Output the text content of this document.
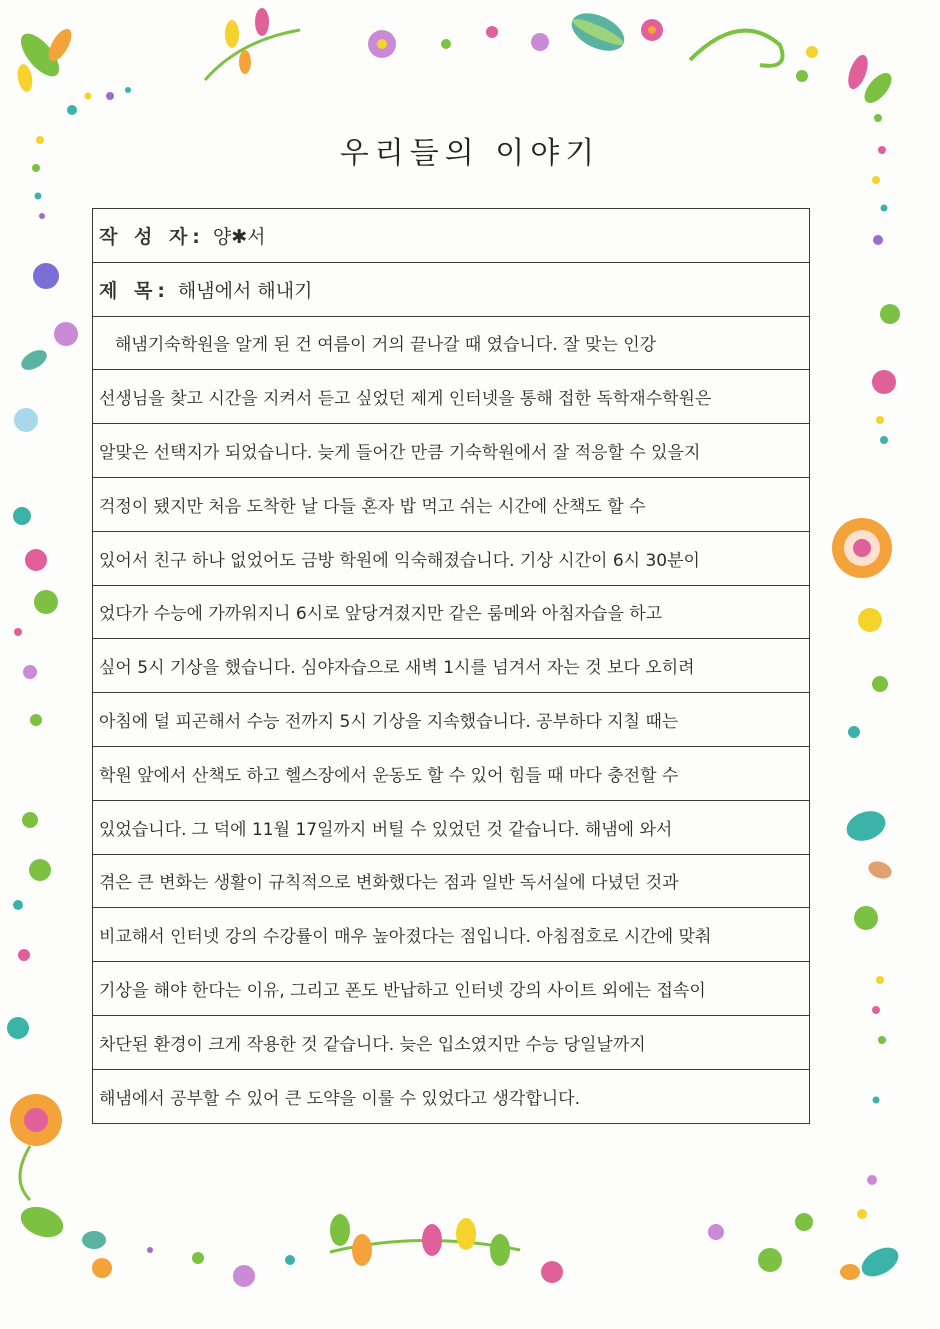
우리들의 이야기
작 성 자: 양✱서
제 목: 해냄에서 해내기
해냄기숙학원을 알게 된 건 여름이 거의 끝나갈 때 였습니다. 잘 맞는 인강
선생님을 찾고 시간을 지켜서 듣고 싶었던 제게 인터넷을 통해 접한 독학재수학원은
알맞은 선택지가 되었습니다. 늦게 들어간 만큼 기숙학원에서 잘 적응할 수 있을지
걱정이 됐지만 처음 도착한 날 다들 혼자 밥 먹고 쉬는 시간에 산책도 할 수
있어서 친구 하나 없었어도 금방 학원에 익숙해졌습니다. 기상 시간이 6시 30분이
었다가 수능에 가까워지니 6시로 앞당겨졌지만 같은 룸메와 아침자습을 하고
싶어 5시 기상을 했습니다. 심야자습으로 새벽 1시를 넘겨서 자는 것 보다 오히려
아침에 덜 피곤해서 수능 전까지 5시 기상을 지속했습니다. 공부하다 지칠 때는
학원 앞에서 산책도 하고 헬스장에서 운동도 할 수 있어 힘들 때 마다 충전할 수
있었습니다. 그 덕에 11월 17일까지 버틸 수 있었던 것 같습니다. 해냄에 와서
겪은 큰 변화는 생활이 규칙적으로 변화했다는 점과 일반 독서실에 다녔던 것과
비교해서 인터넷 강의 수강률이 매우 높아졌다는 점입니다. 아침점호로 시간에 맞춰
기상을 해야 한다는 이유, 그리고 폰도 반납하고 인터넷 강의 사이트 외에는 접속이
차단된 환경이 크게 작용한 것 같습니다. 늦은 입소였지만 수능 당일날까지
해냄에서 공부할 수 있어 큰 도약을 이룰 수 있었다고 생각합니다.
